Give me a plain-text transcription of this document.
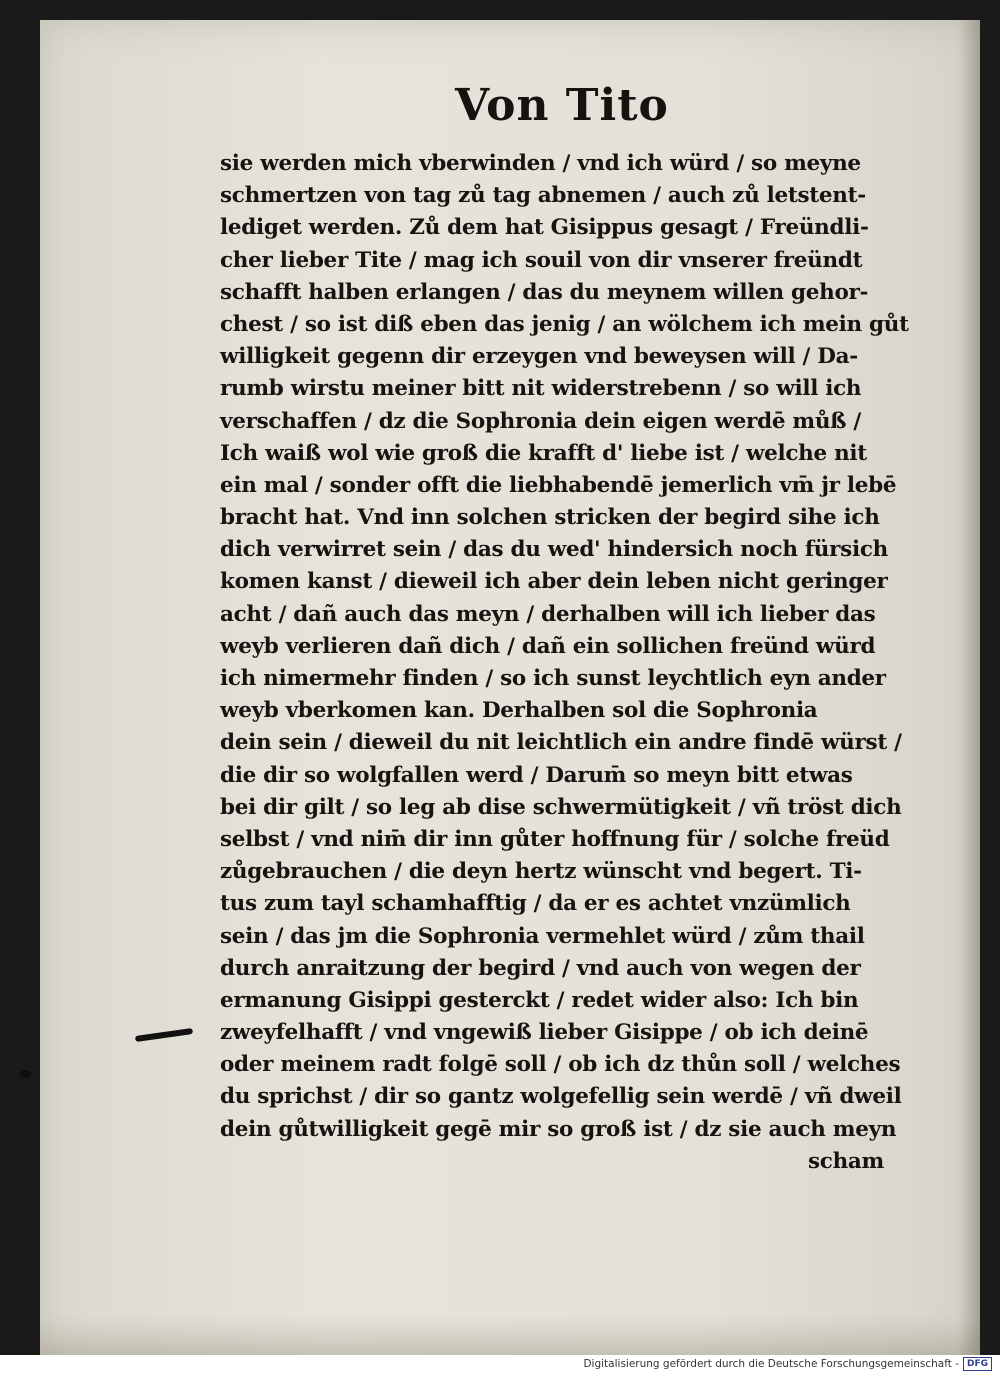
Von Tito
sie werden mich vberwinden / vnd ich würd / so meyne
schmertzen von tag zů tag abnemen / auch zů letstent-
lediget werden. Zů dem hat Gisippus gesagt / Freündli-
cher lieber Tite / mag ich souil von dir vnserer freündt
schafft halben erlangen / das du meynem willen gehor-
chest / so ist diß eben das jenig / an wölchem ich mein gůt
willigkeit gegenn dir erzeygen vnd beweysen will / Da-
rumb wirstu meiner bitt nit widerstrebenn / so will ich
verschaffen / dz die Sophronia dein eigen werdē můß /
Ich waiß wol wie groß die krafft d' liebe ist / welche nit
ein mal / sonder offt die liebhabendē jemerlich vm̄ jr lebē
bracht hat. Vnd inn solchen stricken der begird sihe ich
dich verwirret sein / das du wed' hindersich noch fürsich
komen kanst / dieweil ich aber dein leben nicht geringer
acht / dañ auch das meyn / derhalben will ich lieber das
weyb verlieren dañ dich / dañ ein sollichen freünd würd
ich nimermehr finden / so ich sunst leychtlich eyn ander
weyb vberkomen kan. Derhalben sol die Sophronia
dein sein / dieweil du nit leichtlich ein andre findē würst /
die dir so wolgfallen werd / Darum̄ so meyn bitt etwas
bei dir gilt / so leg ab dise schwermütigkeit / vñ tröst dich
selbst / vnd nim̄ dir inn gůter hoffnung für / solche freüd
zůgebrauchen / die deyn hertz wünscht vnd begert. Ti-
tus zum tayl schamhafftig / da er es achtet vnzümlich
sein / das jm die Sophronia vermehlet würd / zům thail
durch anraitzung der begird / vnd auch von wegen der
ermanung Gisippi gesterckt / redet wider also: Ich bin
zweyfelhafft / vnd vngewiß lieber Gisippe / ob ich deinē
oder meinem radt folgē soll / ob ich dz thůn soll / welches
du sprichst / dir so gantz wolgefellig sein werdē / vñ dweil
dein gůtwilligkeit gegē mir so groß ist / dz sie auch meyn
scham
Digitalisierung gefördert durch die Deutsche Forschungsgemeinschaft - DFG
